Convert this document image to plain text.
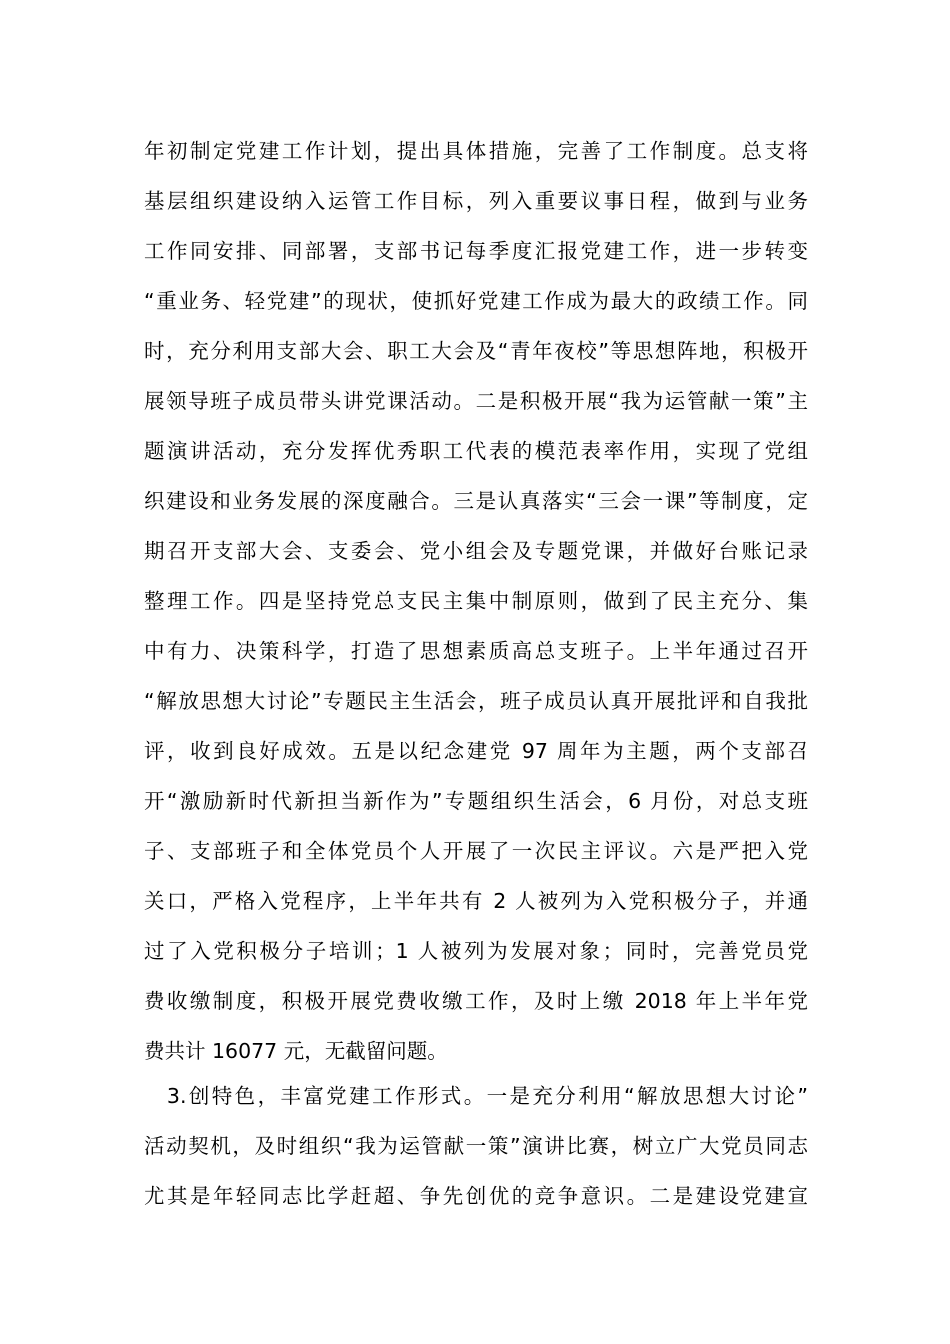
年初制定党建工作计划，提出具体措施，完善了工作制度。总支将
基层组织建设纳入运管工作目标，列入重要议事日程，做到与业务
工作同安排、同部署，支部书记每季度汇报党建工作，进一步转变
“重业务、轻党建”的现状，使抓好党建工作成为最大的政绩工作。同
时，充分利用支部大会、职工大会及“青年夜校”等思想阵地，积极开
展领导班子成员带头讲党课活动。二是积极开展“我为运管献一策”主
题演讲活动，充分发挥优秀职工代表的模范表率作用，实现了党组
织建设和业务发展的深度融合。三是认真落实“三会一课”等制度，定
期召开支部大会、支委会、党小组会及专题党课，并做好台账记录
整理工作。四是坚持党总支民主集中制原则，做到了民主充分、集
中有力、决策科学，打造了思想素质高总支班子。上半年通过召开
“解放思想大讨论”专题民主生活会，班子成员认真开展批评和自我批
评，收到良好成效。五是以纪念建党 97 周年为主题，两个支部召
开“激励新时代新担当新作为”专题组织生活会，6 月份，对总支班
子、支部班子和全体党员个人开展了一次民主评议。六是严把入党
关口，严格入党程序，上半年共有 2 人被列为入党积极分子，并通
过了入党积极分子培训；1 人被列为发展对象；同时，完善党员党
费收缴制度，积极开展党费收缴工作，及时上缴 2018 年上半年党
费共计 16077 元，无截留问题。
　3.创特色，丰富党建工作形式。一是充分利用“解放思想大讨论”
活动契机，及时组织“我为运管献一策”演讲比赛，树立广大党员同志
尤其是年轻同志比学赶超、争先创优的竞争意识。二是建设党建宣
